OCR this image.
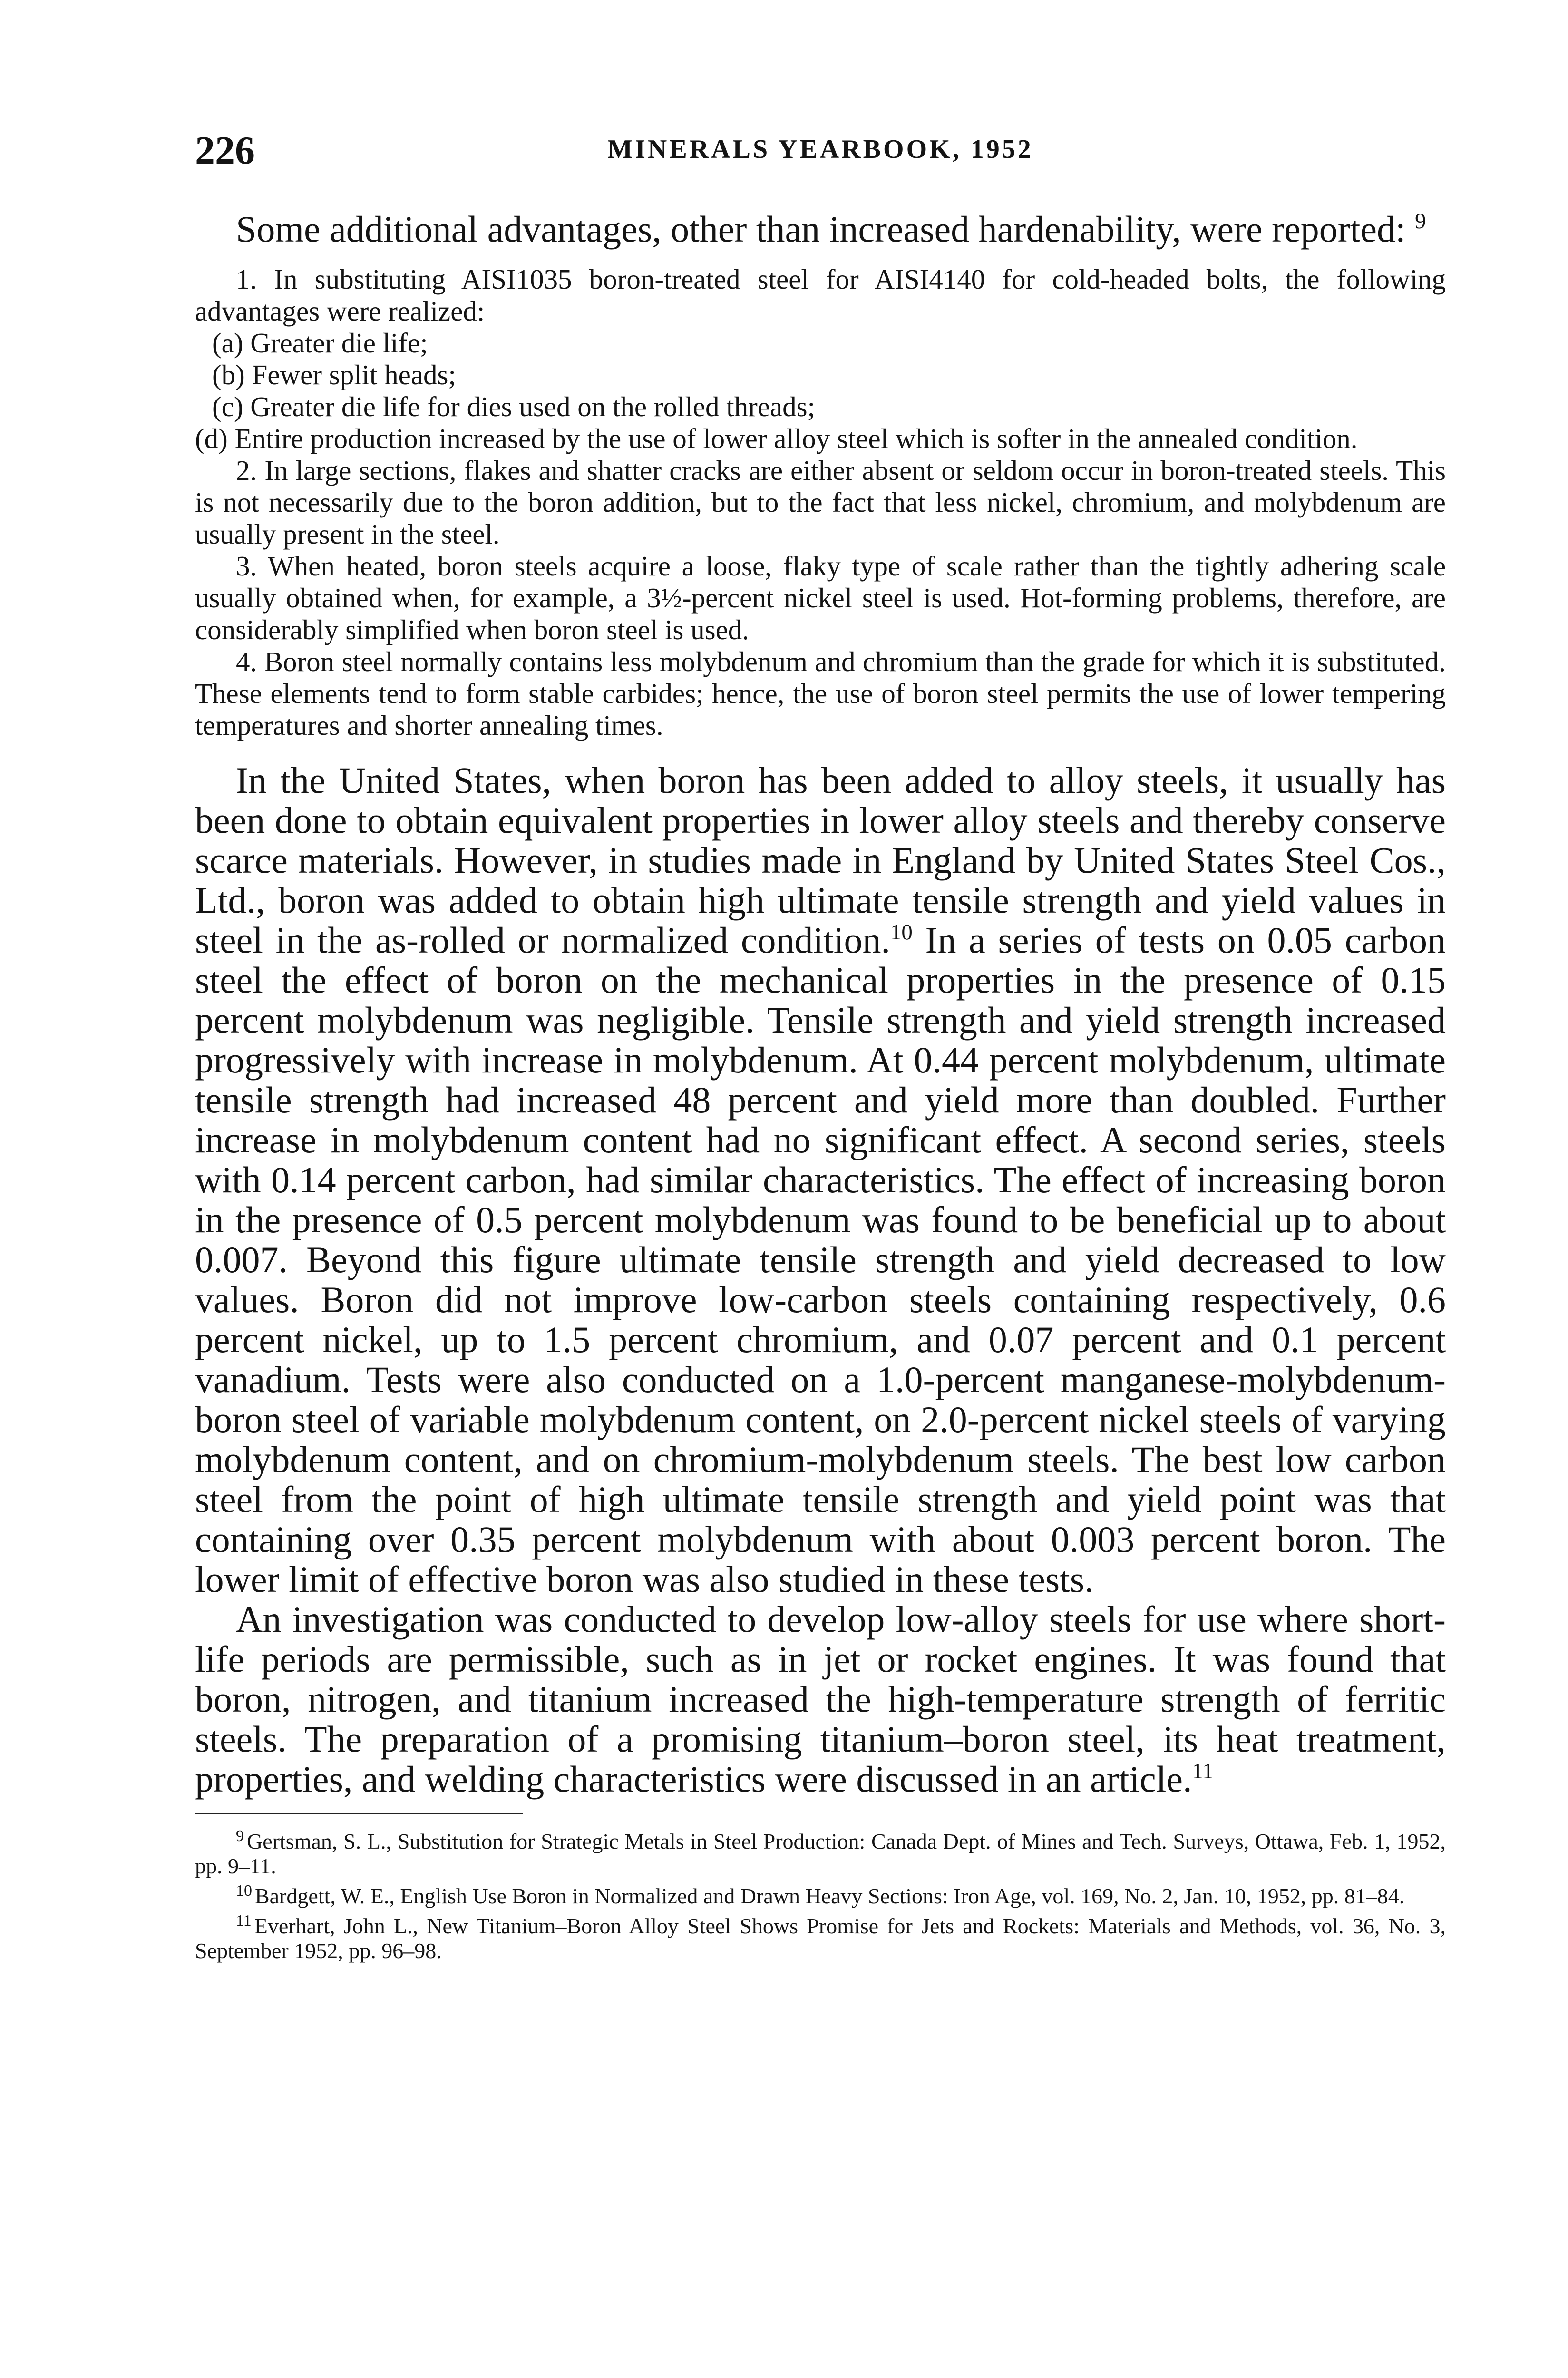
226	MINERALS YEARBOOK, 1952

Some additional advantages, other than increased hardenability, were reported: $^9$

1. In substituting AISI1035 boron-treated steel for AISI4140 for cold-headed bolts, the following advantages were realized:

(a) Greater die life;

(b) Fewer split heads;

(c) Greater die life for dies used on the rolled threads;

(d) Entire production increased by the use of lower alloy steel which is softer in the annealed condition.

2. In large sections, flakes and shatter cracks are either absent or seldom occur in boron-treated steels. This is not necessarily due to the boron addition, but to the fact that less nickel, chromium, and molybdenum are usually present in the steel.

3. When heated, boron steels acquire a loose, flaky type of scale rather than the tightly adhering scale usually obtained when, for example, a 3½-percent nickel steel is used. Hot-forming problems, therefore, are considerably simplified when boron steel is used.

4. Boron steel normally contains less molybdenum and chromium than the grade for which it is substituted. These elements tend to form stable carbides; hence, the use of boron steel permits the use of lower tempering temperatures and shorter annealing times.

In the United States, when boron has been added to alloy steels, it usually has been done to obtain equivalent properties in lower alloy steels and thereby conserve scarce materials. However, in studies made in England by United States Steel Cos., Ltd., boron was added to obtain high ultimate tensile strength and yield values in steel in the as-rolled or normalized condition.$^{10}$ In a series of tests on 0.05 carbon steel the effect of boron on the mechanical properties in the presence of 0.15 percent molybdenum was negligible. Tensile strength and yield strength increased progressively with increase in molybdenum. At 0.44 percent molybdenum, ultimate tensile strength had increased 48 percent and yield more than doubled. Further increase in molybdenum content had no significant effect. A second series, steels with 0.14 percent carbon, had similar characteristics. The effect of increasing boron in the presence of 0.5 percent molybdenum was found to be beneficial up to about 0.007. Beyond this figure ultimate tensile strength and yield decreased to low values. Boron did not improve low-carbon steels containing respectively, 0.6 percent nickel, up to 1.5 percent chromium, and 0.07 percent and 0.1 percent vanadium. Tests were also conducted on a 1.0-percent manganese-molybdenum-boron steel of variable molybdenum content, on 2.0-percent nickel steels of varying molybdenum content, and on chromium-molybdenum steels. The best low carbon steel from the point of high ultimate tensile strength and yield point was that containing over 0.35 percent molybdenum with about 0.003 percent boron. The lower limit of effective boron was also studied in these tests.

An investigation was conducted to develop low-alloy steels for use where short-life periods are permissible, such as in jet or rocket engines. It was found that boron, nitrogen, and titanium increased the high-temperature strength of ferritic steels. The preparation of a promising titanium–boron steel, its heat treatment, properties, and welding characteristics were discussed in an article.$^{11}$

$^9$ Gertsman, S. L., Substitution for Strategic Metals in Steel Production: Canada Dept. of Mines and Tech. Surveys, Ottawa, Feb. 1, 1952, pp. 9–11.

$^{10}$ Bardgett, W. E., English Use Boron in Normalized and Drawn Heavy Sections: Iron Age, vol. 169, No. 2, Jan. 10, 1952, pp. 81–84.

$^{11}$ Everhart, John L., New Titanium–Boron Alloy Steel Shows Promise for Jets and Rockets: Materials and Methods, vol. 36, No. 3, September 1952, pp. 96–98.
